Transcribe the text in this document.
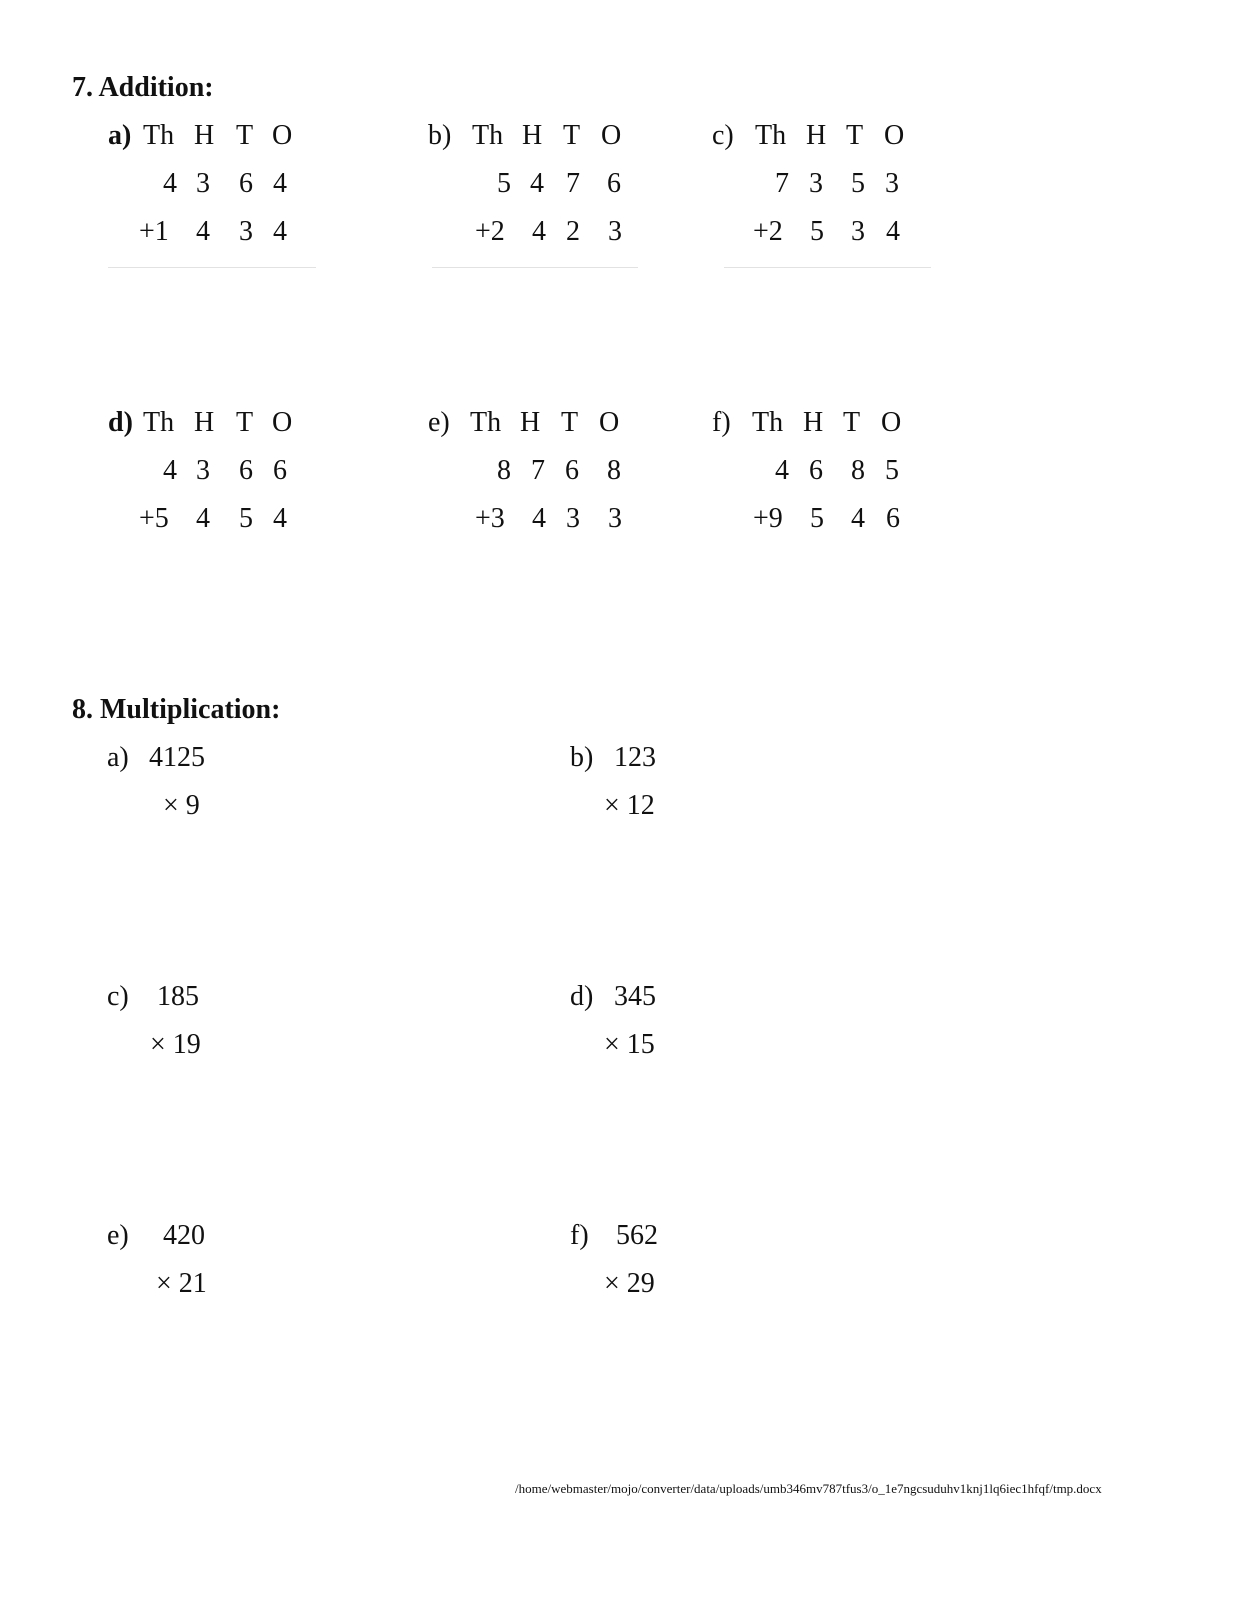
7. Addition:
a) Th H T O
4 3 6 4
+1 4 3 4
b) Th H T O
5 4 7 6
+2 4 2 3
c) Th H T O
7 3 5 3
+2 5 3 4
d) Th H T O
4 3 6 6
+5 4 5 4
e) Th H T O
8 7 6 8
+3 4 3 3
f) Th H T O
4 6 8 5
+9 5 4 6
8. Multiplication:
a) 4125
× 9
b) 123
× 12
c) 185
× 19
d) 345
× 15
e) 420
× 21
f) 562
× 29
/home/webmaster/mojo/converter/data/uploads/umb346mv787tfus3/o_1e7ngcsuduhv1knj1lq6iec1hfqf/tmp.docx
